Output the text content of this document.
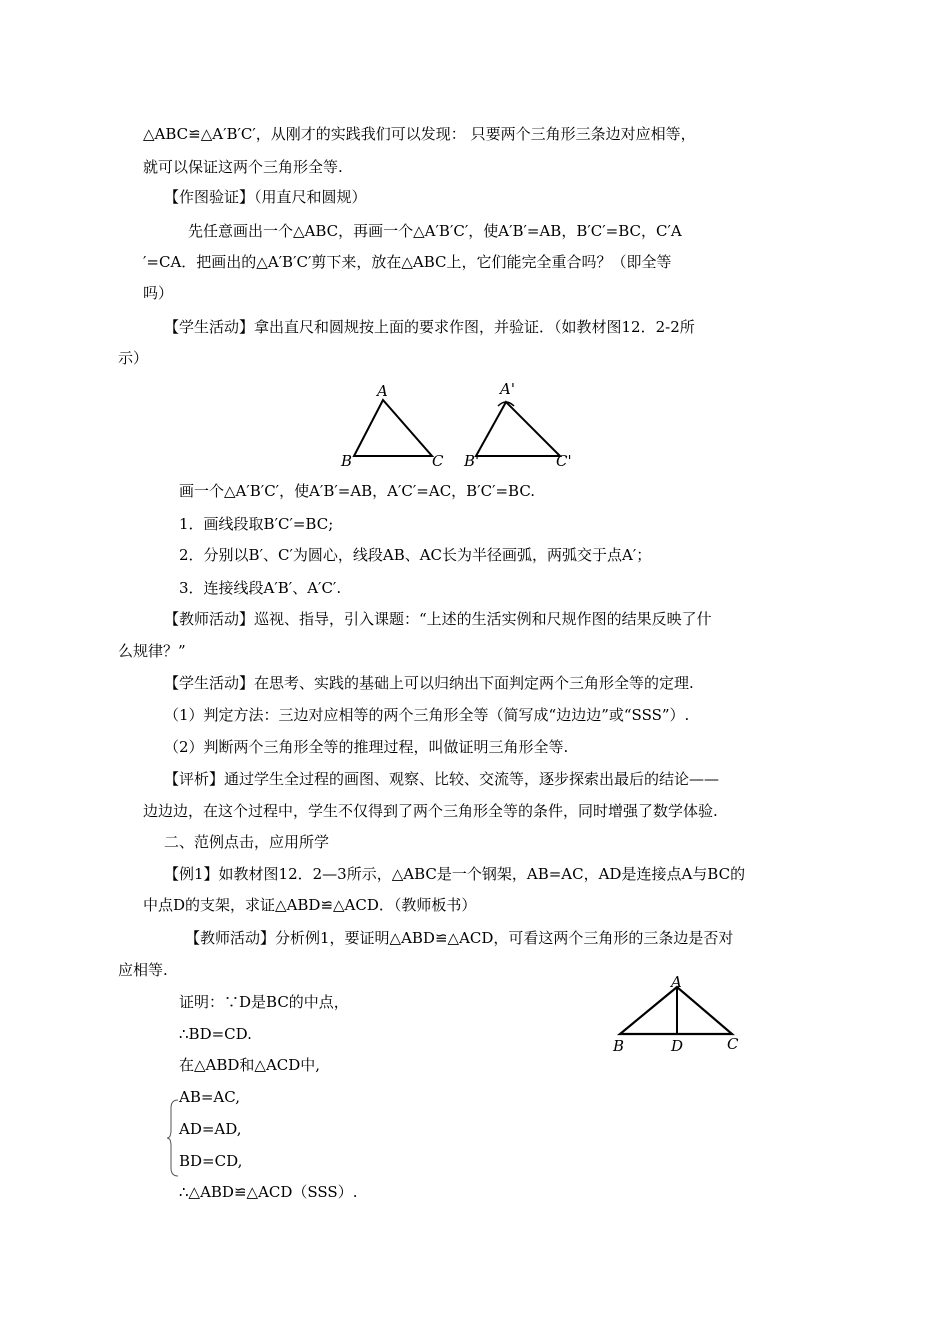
△ABC≌△A′B′C′，从刚才的实践我们可以发现： 只要两个三角形三条边对应相等，
就可以保证这两个三角形全等.
【作图验证】（用直尺和圆规）
先任意画出一个△ABC，再画一个△A′B′C′，使A′B′=AB，B′C′=BC，C′A
′=CA．把画出的△A′B′C′剪下来，放在△ABC上，它们能完全重合吗？（即全等
吗）
【学生活动】拿出直尺和圆规按上面的要求作图，并验证．（如教材图12．2-2所
示）
A
B	C
A'
B'	C'
画一个△A′B′C′，使A′B′=AB，A′C′=AC，B′C′=BC.
1．画线段取B′C′=BC;
2．分别以B′、C′为圆心，线段AB、AC长为半径画弧，两弧交于点A′；
3．连接线段A′B′、A′C′.
【教师活动】巡视、指导，引入课题：“上述的生活实例和尺规作图的结果反映了什
么规律？”
【学生活动】在思考、实践的基础上可以归纳出下面判定两个三角形全等的定理.
（1）判定方法：三边对应相等的两个三角形全等（简写成“边边边”或“SSS”）.
（2）判断两个三角形全等的推理过程，叫做证明三角形全等.
【评析】通过学生全过程的画图、观察、比较、交流等，逐步探索出最后的结论——
边边边，在这个过程中，学生不仅得到了两个三角形全等的条件，同时增强了数学体验.
二、范例点击，应用所学
【例1】如教材图12．2—3所示，△ABC是一个钢架，AB=AC，AD是连接点A与BC的
中点D的支架，求证△ABD≌△ACD．（教师板书）
【教师活动】分析例1，要证明△ABD≌△ACD，可看这两个三角形的三条边是否对
应相等.
证明：∵D是BC的中点，
∴BD=CD.
在△ABD和△ACD中,
AB=AC,
AD=AD,
BD=CD,
∴△ABD≌△ACD（SSS）.
A
B	D	C
